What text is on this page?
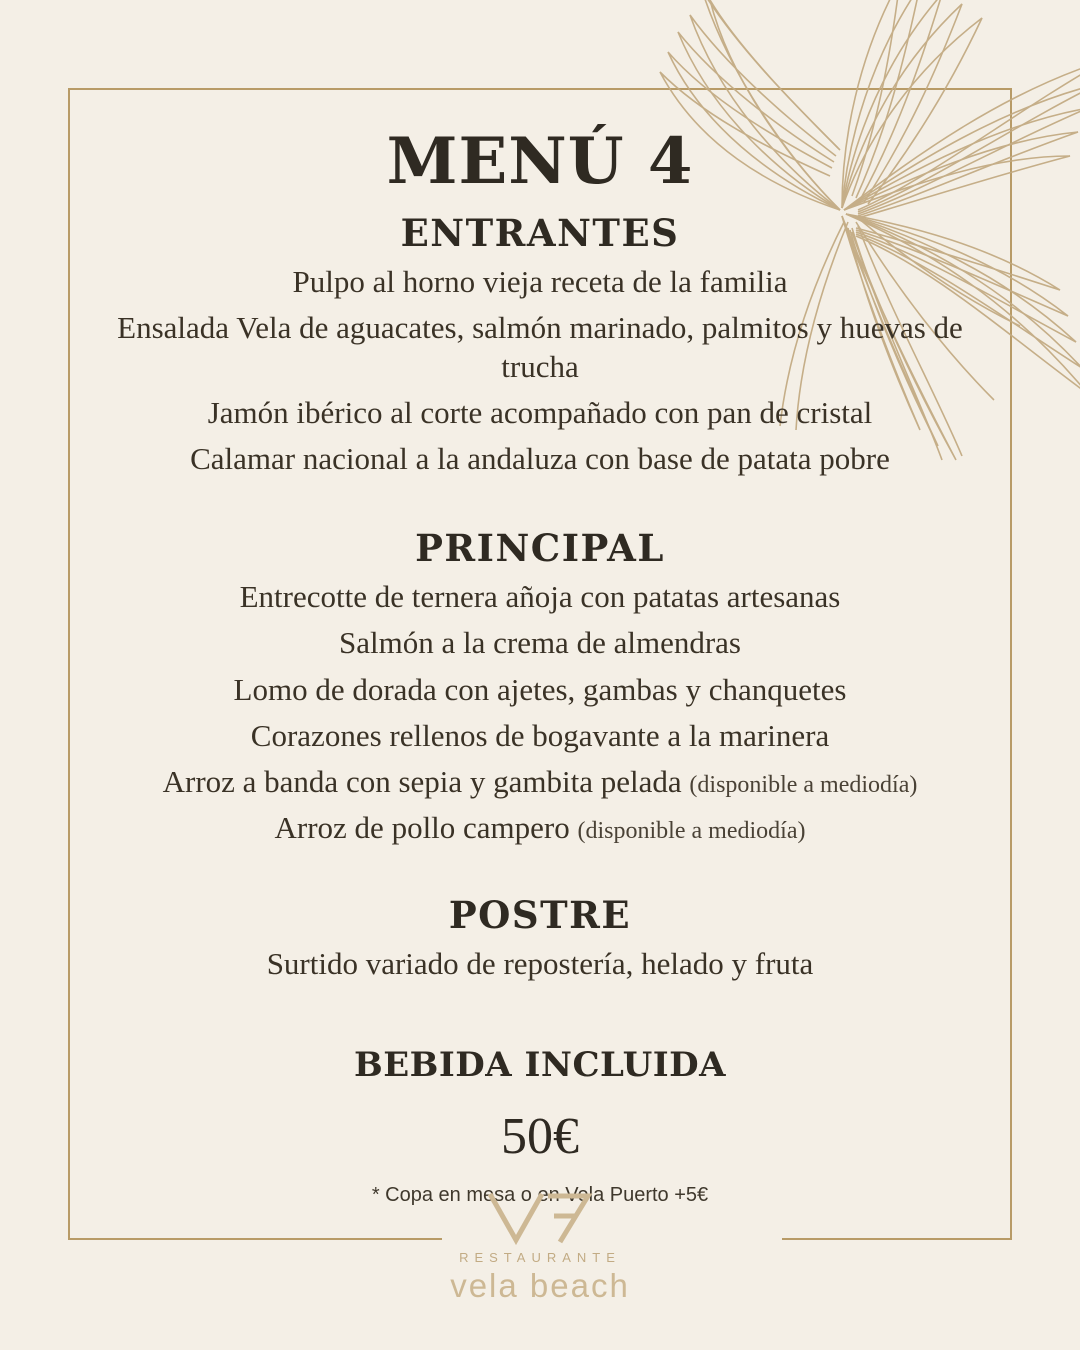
MENÚ 4
ENTRANTES

Pulpo al horno vieja receta de la familia

Ensalada Vela de aguacates, salmón marinado, palmitos y huevas de trucha

Jamón ibérico al corte acompañado con pan de cristal

Calamar nacional a la andaluza con base de patata pobre

PRINCIPAL

Entrecotte de ternera añoja con patatas artesanas

Salmón a la crema de almendras

Lomo de dorada con ajetes, gambas y chanquetes

Corazones rellenos de bogavante a la marinera

Arroz a banda con sepia y gambita pelada (disponible a mediodía)

Arroz de pollo campero (disponible a mediodía)

POSTRE

Surtido variado de repostería, helado y fruta

BEBIDA INCLUIDA
50€
* Copa en mesa o en Vela Puerto +5€
RESTAURANTE
vela beach
